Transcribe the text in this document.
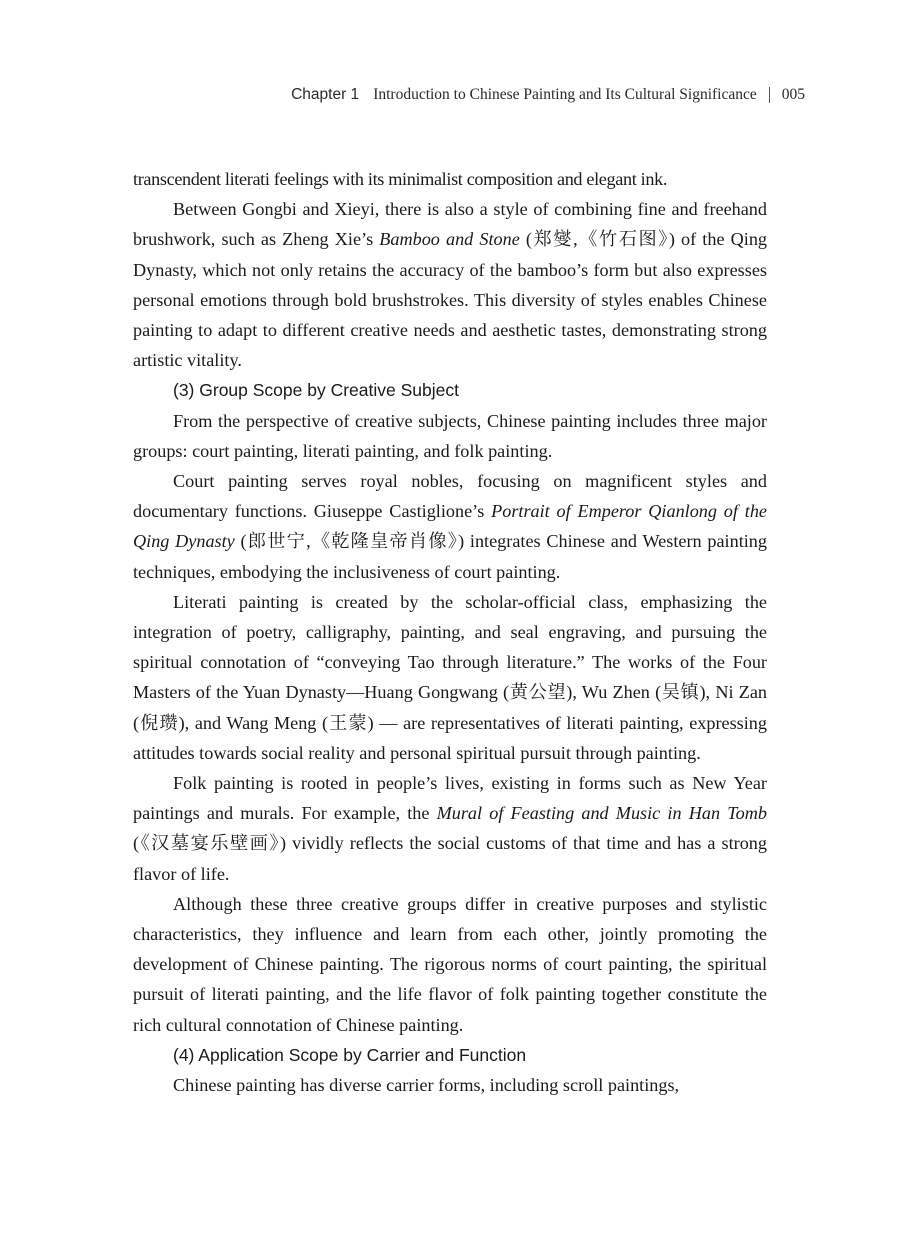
Chapter 1 Introduction to Chinese Painting and Its Cultural Significance 005

transcendent literati feelings with its minimalist composition and elegant ink.

Between Gongbi and Xieyi, there is also a style of combining fine and freehand brushwork, such as Zheng Xie’s Bamboo and Stone (郑燮,《竹石图》) of the Qing Dynasty, which not only retains the accuracy of the bamboo’s form but also expresses personal emotions through bold brushstrokes. This diversity of styles enables Chinese painting to adapt to different creative needs and aesthetic tastes, demonstrating strong artistic vitality.

(3) Group Scope by Creative Subject

From the perspective of creative subjects, Chinese painting includes three major groups: court painting, literati painting, and folk painting.

Court painting serves royal nobles, focusing on magnificent styles and documentary functions. Giuseppe Castiglione’s Portrait of Emperor Qianlong of the Qing Dynasty (郎世宁,《乾隆皇帝肖像》) integrates Chinese and Western painting techniques, embodying the inclusiveness of court painting.

Literati painting is created by the scholar-official class, emphasizing the integration of poetry, calligraphy, painting, and seal engraving, and pursuing the spiritual connotation of “conveying Tao through literature.” The works of the Four Masters of the Yuan Dynasty—Huang Gongwang (黄公望), Wu Zhen (吴镇), Ni Zan (倪瓒), and Wang Meng (王蒙) — are representatives of literati painting, expressing attitudes towards social reality and personal spiritual pursuit through painting.

Folk painting is rooted in people’s lives, existing in forms such as New Year paintings and murals. For example, the Mural of Feasting and Music in Han Tomb (《汉墓宴乐壁画》) vividly reflects the social customs of that time and has a strong flavor of life.

Although these three creative groups differ in creative purposes and stylistic characteristics, they influence and learn from each other, jointly promoting the development of Chinese painting. The rigorous norms of court painting, the spiritual pursuit of literati painting, and the life flavor of folk painting together constitute the rich cultural connotation of Chinese painting.

(4) Application Scope by Carrier and Function

Chinese painting has diverse carrier forms, including scroll paintings,
